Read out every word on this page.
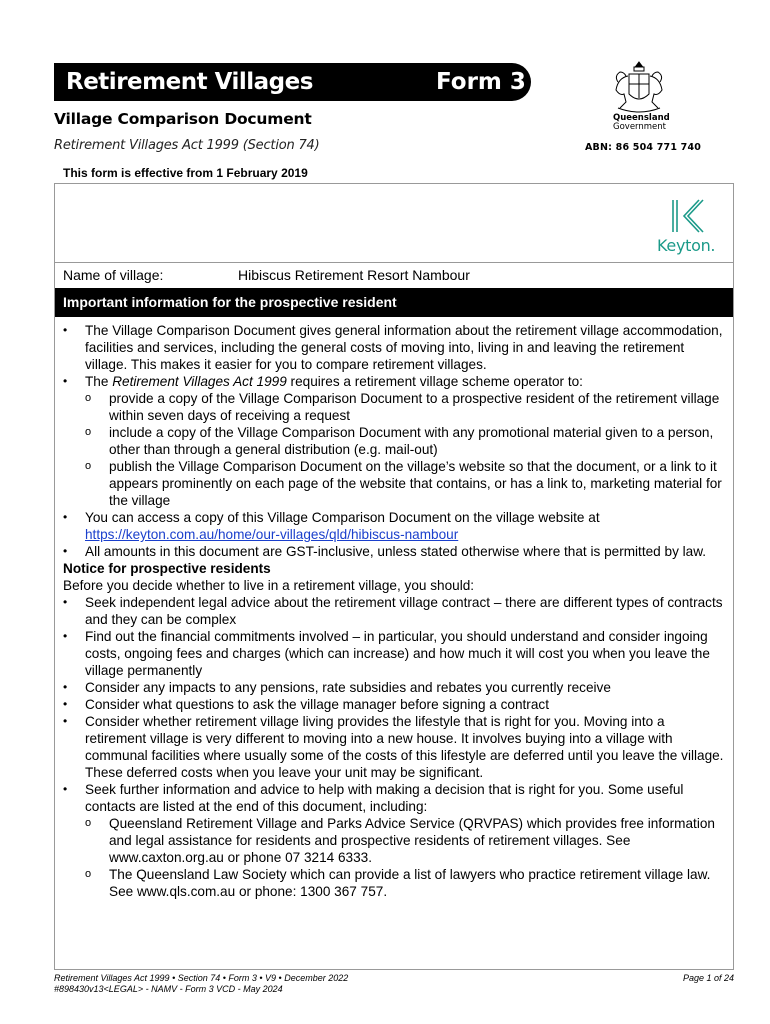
Retirement Villages	Form 3
Village Comparison Document
Retirement Villages Act 1999 (Section 74)
Queensland
Government
ABN: 86 504 771 740
This form is effective from 1 February 2019
Keyton.
Name of village:	Hibiscus Retirement Resort Nambour
Important information for the prospective resident
• The Village Comparison Document gives general information about the retirement village accommodation, facilities and services, including the general costs of moving into, living in and leaving the retirement village. This makes it easier for you to compare retirement villages.
• The Retirement Villages Act 1999 requires a retirement village scheme operator to:
o provide a copy of the Village Comparison Document to a prospective resident of the retirement village within seven days of receiving a request
o include a copy of the Village Comparison Document with any promotional material given to a person, other than through a general distribution (e.g. mail-out)
o publish the Village Comparison Document on the village’s website so that the document, or a link to it appears prominently on each page of the website that contains, or has a link to, marketing material for the village
• You can access a copy of this Village Comparison Document on the village website at
https://keyton.com.au/home/our-villages/qld/hibiscus-nambour
• All amounts in this document are GST-inclusive, unless stated otherwise where that is permitted by law.
Notice for prospective residents
Before you decide whether to live in a retirement village, you should:
• Seek independent legal advice about the retirement village contract – there are different types of contracts and they can be complex
• Find out the financial commitments involved – in particular, you should understand and consider ingoing costs, ongoing fees and charges (which can increase) and how much it will cost you when you leave the village permanently
• Consider any impacts to any pensions, rate subsidies and rebates you currently receive
• Consider what questions to ask the village manager before signing a contract
• Consider whether retirement village living provides the lifestyle that is right for you. Moving into a retirement village is very different to moving into a new house. It involves buying into a village with communal facilities where usually some of the costs of this lifestyle are deferred until you leave the village. These deferred costs when you leave your unit may be significant.
• Seek further information and advice to help with making a decision that is right for you. Some useful contacts are listed at the end of this document, including:
o Queensland Retirement Village and Parks Advice Service (QRVPAS) which provides free information and legal assistance for residents and prospective residents of retirement villages. See www.caxton.org.au or phone 07 3214 6333.
o The Queensland Law Society which can provide a list of lawyers who practice retirement village law. See www.qls.com.au or phone: 1300 367 757.
Retirement Villages Act 1999 • Section 74 • Form 3 • V9 • December 2022
#898430v13<LEGAL> - NAMV - Form 3 VCD - May 2024
Page 1 of 24
